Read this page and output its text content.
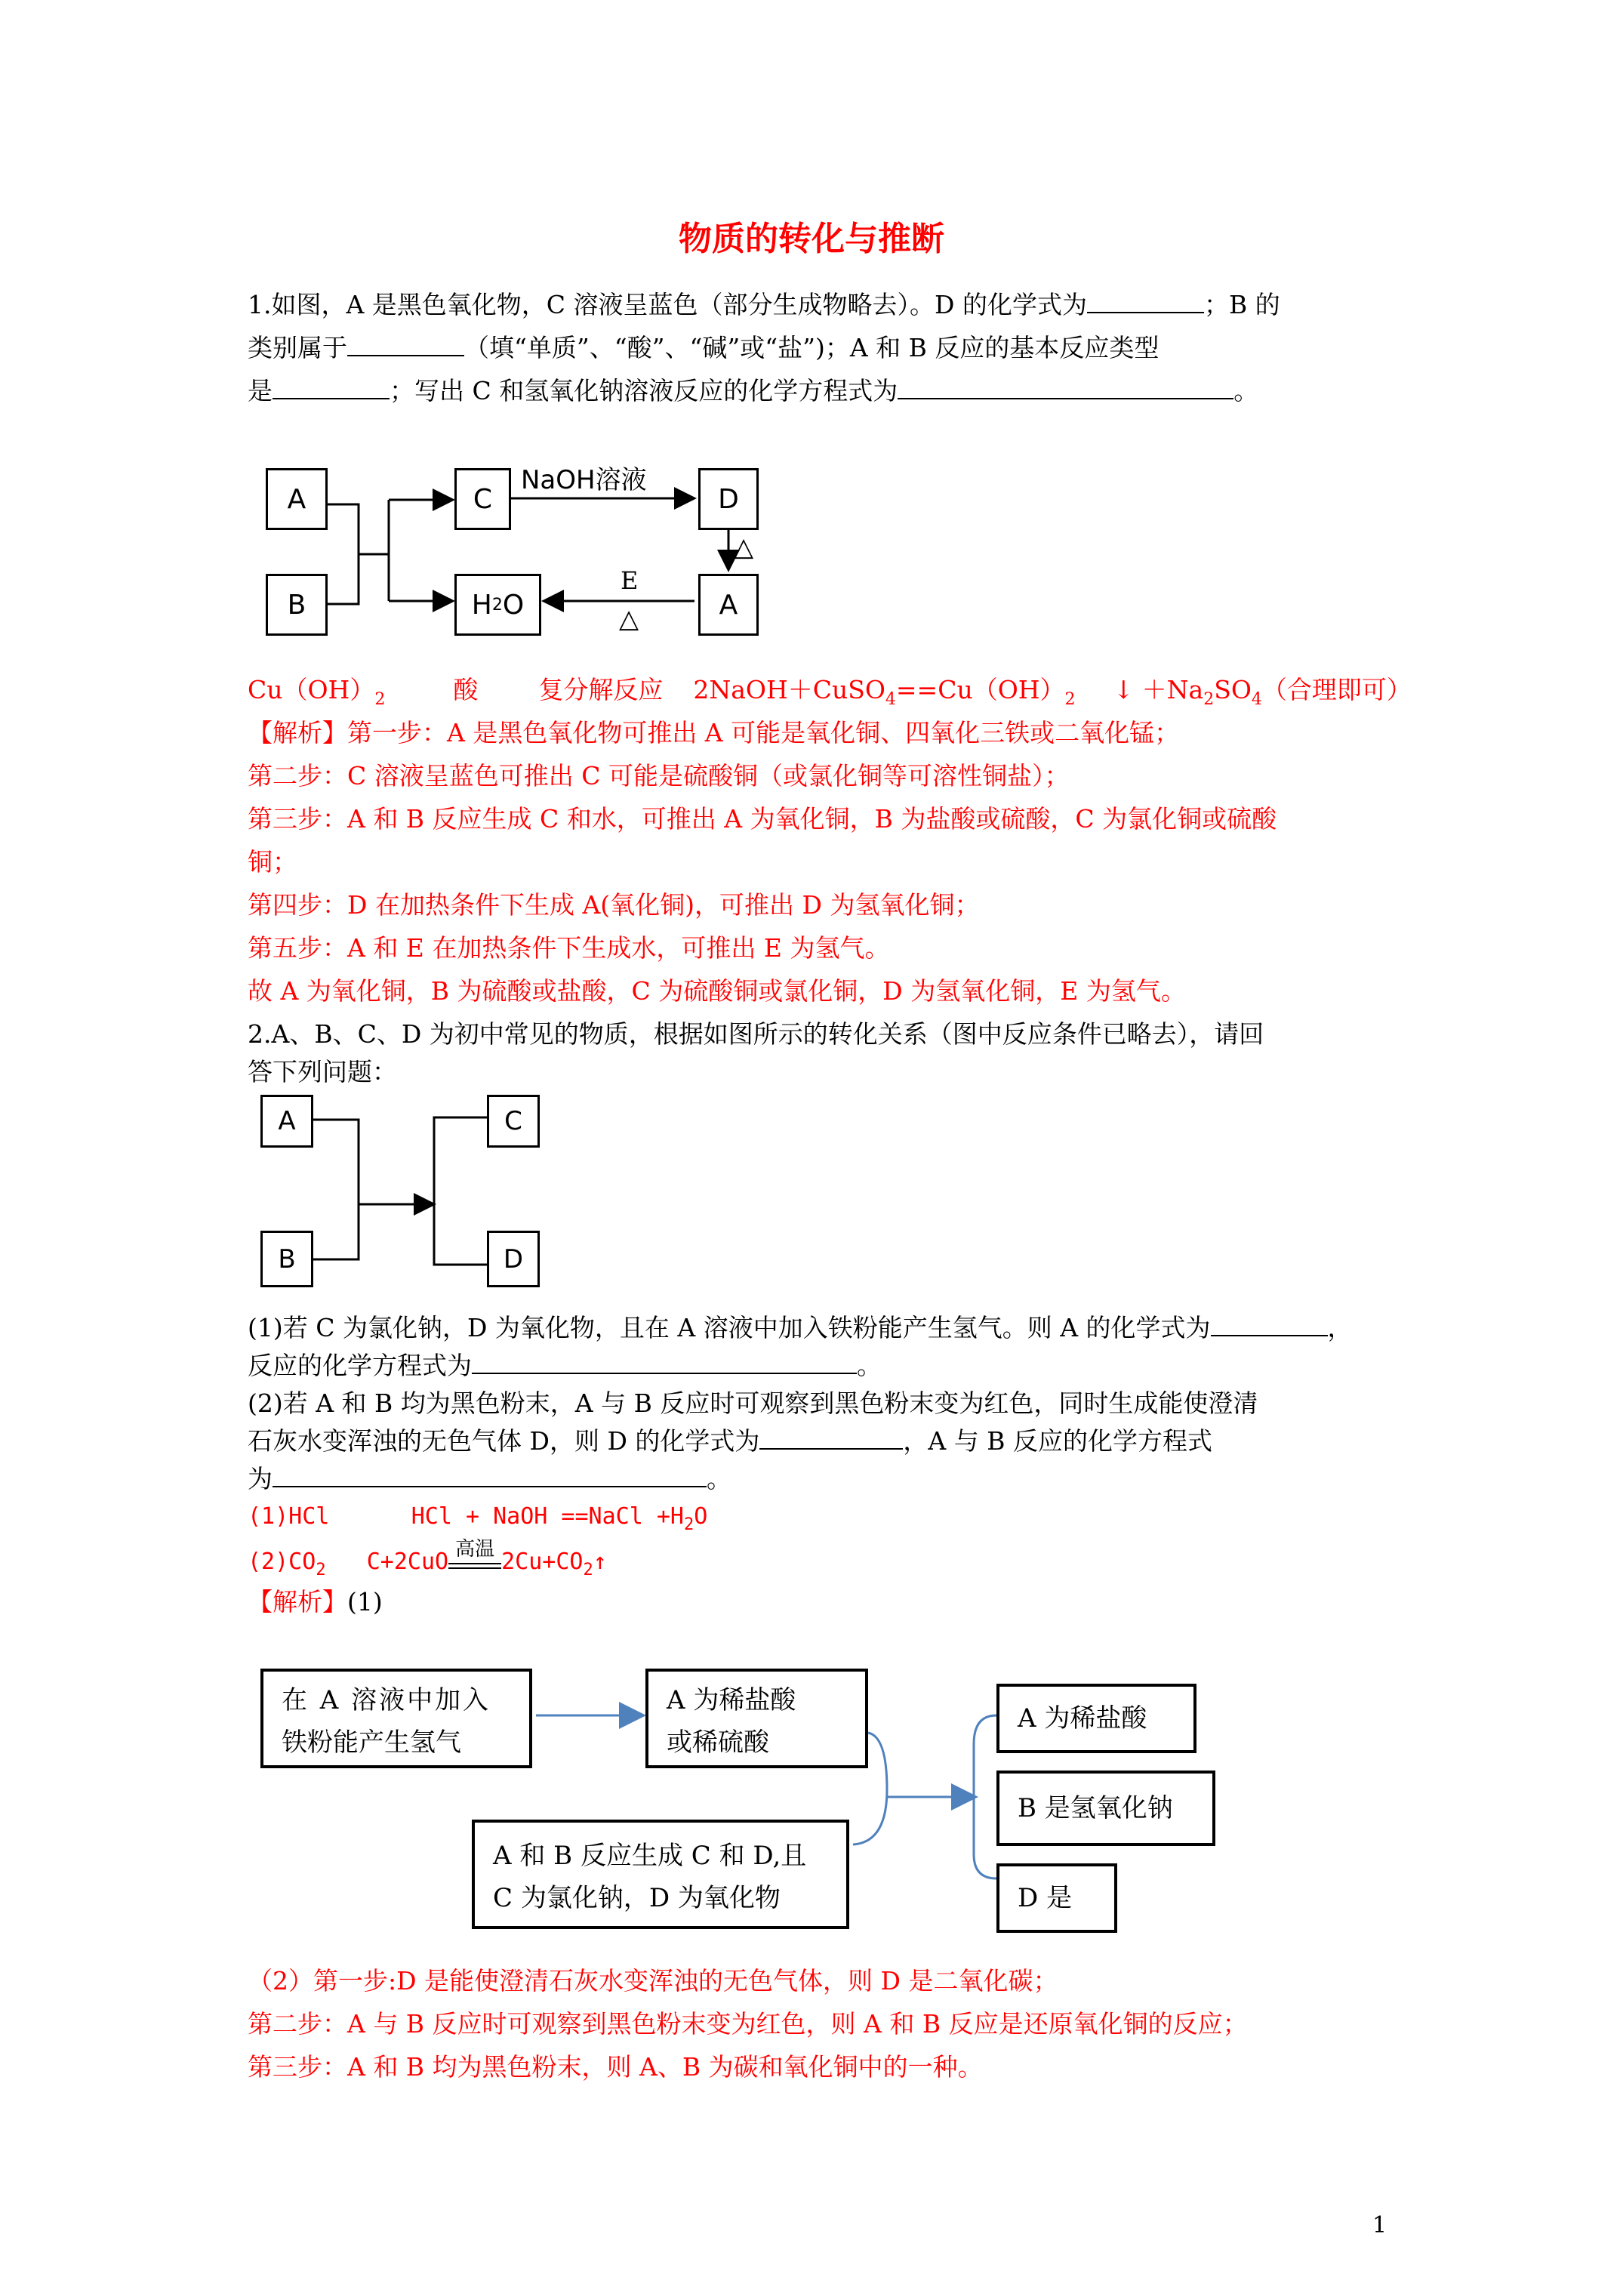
物质的转化与推断
1.如图，A 是黑色氧化物，C 溶液呈蓝色（部分生成物略去）。D 的化学式为	；B 的
类别属于	（填“单质”、“酸”、“碱”或“盐”)；A 和 B 反应的基本反应类型
是	；写出 C 和氢氧化钠溶液反应的化学方程式为	。
A
B
C	D
H 2 O	A
NaOH溶液
E
△
△
$Cu(OH)_2$	酸 复分解反应 $2NaOH+CuSO_4==Cu(OH)_2$ ↓ $+Na_2SO_4$（合理即可）
【解析】第一步：A 是黑色氧化物可推出 A 可能是氧化铜、四氧化三铁或二氧化锰；
第二步：C 溶液呈蓝色可推出 C 可能是硫酸铜（或氯化铜等可溶性铜盐）；
第三步：A 和 B 反应生成 C 和水，可推出 A 为氧化铜，B 为盐酸或硫酸，C 为氯化铜或硫酸
铜；
第四步：D 在加热条件下生成 A(氧化铜)，可推出 D 为氢氧化铜；
第五步：A 和 E 在加热条件下生成水，可推出 E 为氢气。
故 A 为氧化铜，B 为硫酸或盐酸，C 为硫酸铜或氯化铜，D 为氢氧化铜，E 为氢气。
2.A、B、C、D 为初中常见的物质，根据如图所示的转化关系（图中反应条件已略去），请回
答下列问题：
A
B
C
D
(1)若 C 为氯化钠，D 为氧化物，且在 A 溶液中加入铁粉能产生氢气。则 A 的化学式为	，
反应的化学方程式为	。
(2)若 A 和 B 均为黑色粉末，A 与 B 反应时可观察到黑色粉末变为红色，同时生成能使澄清
石灰水变浑浊的无色气体 D，则 D 的化学式为	，A 与 B 反应的化学方程式
为	。
(1)HCl      HCl + NaOH ==NaCl $+H_2O$
$(2)CO_2$   C+2CuO 高温 $2Cu+CO_2↑$
【解析】(1)
在 A 溶液中加入
铁粉能产生氢气
A 为稀盐酸
或稀硫酸
A 和 B 反应生成 C 和 D,且
C 为氯化钠，D 为氧化物
A 为稀盐酸
B 是氢氧化钠
D 是
（2）第一步:D 是能使澄清石灰水变浑浊的无色气体，则 D 是二氧化碳；
第二步：A 与 B 反应时可观察到黑色粉末变为红色，则 A 和 B 反应是还原氧化铜的反应；
第三步：A 和 B 均为黑色粉末，则 A、B 为碳和氧化铜中的一种。
1
